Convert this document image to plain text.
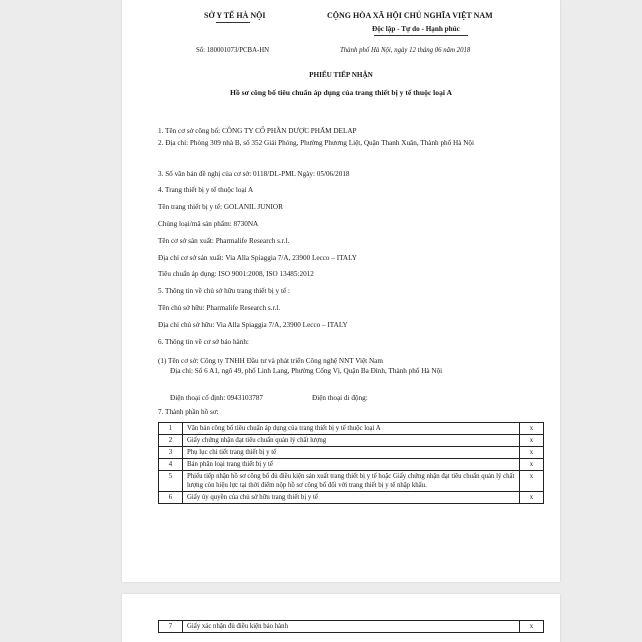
SỞ Y TẾ HÀ NỘI	CỘNG HÒA XÃ HỘI CHỦ NGHĨA VIỆT NAM
Độc lập - Tự do - Hạnh phúc
Số: 180001073/PCBA-HN	Thành phố Hà Nội, ngày 12 tháng 06 năm 2018
PHIẾU TIẾP NHẬN
Hồ sơ công bố tiêu chuẩn áp dụng của trang thiết bị y tế thuộc loại A
1. Tên cơ sở công bố: CÔNG TY CỔ PHẦN DƯỢC PHẨM DELAP
2. Địa chỉ: Phòng 309 nhà B, số 352 Giải Phóng, Phường Phương Liệt, Quận Thanh Xuân, Thành phố Hà Nội
3. Số văn bản đề nghị của cơ sở: 0118/DL-PML Ngày: 05/06/2018
4. Trang thiết bị y tế thuộc loại A
Tên trang thiết bị y tế: GOLANIL JUNIOR
Chủng loại/mã sản phẩm: 8730NA
Tên cơ sở sản xuất: Pharmalife Research s.r.l.
Địa chỉ cơ sở sản xuất: Via Alla Spiaggia 7/A, 23900 Lecco – ITALY
Tiêu chuẩn áp dụng: ISO 9001:2008, ISO 13485:2012
5. Thông tin về chủ sở hữu trang thiết bị y tế :
Tên chủ sở hữu: Pharmalife Research s.r.l.
Địa chỉ chủ sở hữu: Via Alla Spiaggia 7/A, 23900 Lecco – ITALY
6. Thông tin về cơ sở bảo hành:
(1) Tên cơ sở: Công ty TNHH Đầu tư và phát triển Công nghệ NNT Việt Nam
Địa chỉ: Số 6 A1, ngõ 49, phố Linh Lang, Phường Cống Vị, Quận Ba Đình, Thành phố Hà Nội
Điện thoại cố định: 0943103787	Điện thoại di động:
7. Thành phần hồ sơ:
1	Văn bản công bố tiêu chuẩn áp dụng của trang thiết bị y tế thuộc loại A	x
2	Giấy chứng nhận đạt tiêu chuẩn quản lý chất lượng	x
3	Phụ lục chi tiết trang thiết bị y tế	x
4	Bản phân loại trang thiết bị y tế	x
5	Phiếu tiếp nhận hồ sơ công bố đủ điều kiện sản xuất trang thiết bị y tế hoặc Giấy chứng nhận đạt tiêu chuẩn quản lý chất lượng còn hiệu lực tại thời điểm nộp hồ sơ công bố đối với trang thiết bị y tế nhập khẩu.	x
6	Giấy ủy quyền của chủ sở hữu trang thiết bị y tế	x
7	Giấy xác nhận đủ điều kiện bảo hành	x
